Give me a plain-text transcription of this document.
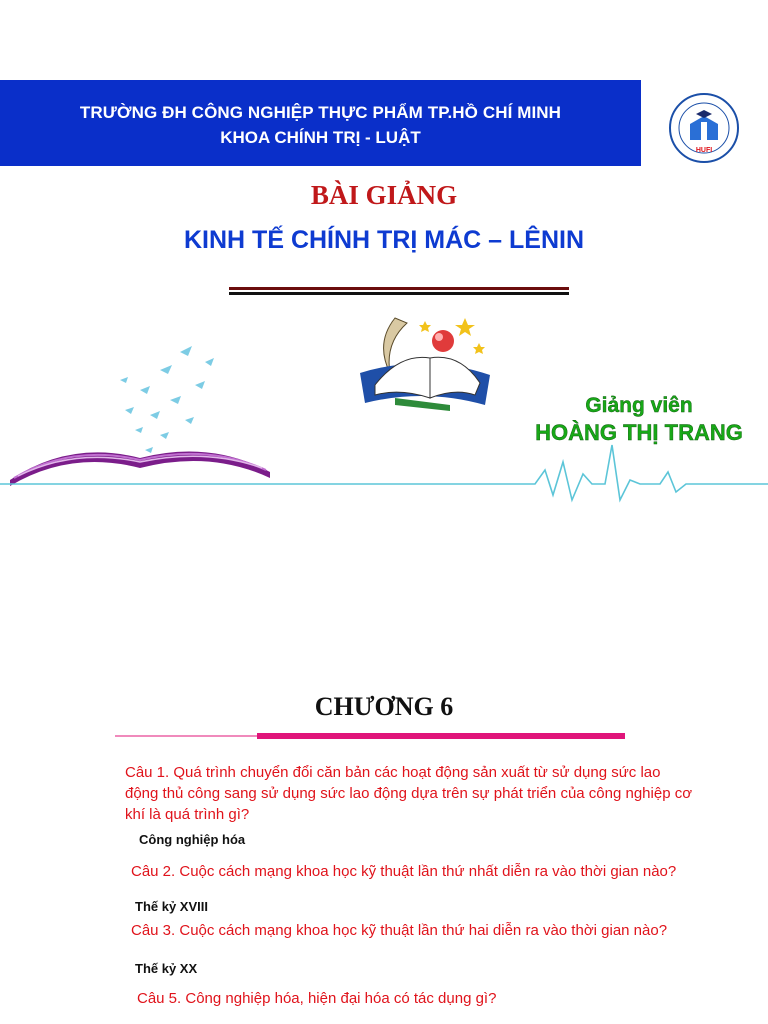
TRƯỜNG ĐH CÔNG NGHIỆP THỰC PHẨM TP.HỒ CHÍ MINH
KHOA CHÍNH TRỊ - LUẬT
HUFI
BÀI GIẢNG
KINH TẾ CHÍNH TRỊ MÁC – LÊNIN
Giảng viên
HOÀNG THỊ TRANG
CHƯƠNG 6
Câu 1. Quá trình chuyển đổi căn bản các hoạt động sản xuất từ sử dụng sức lao động thủ công sang sử dụng sức lao động dựa trên sự phát triển của công nghiệp cơ khí là quá trình gì?
Công nghiệp hóa
Câu 2. Cuộc cách mạng khoa học kỹ thuật lần thứ nhất diễn ra vào thời gian nào?
Thế kỷ XVIII
Câu 3. Cuộc cách mạng khoa học kỹ thuật lần thứ hai diễn ra vào thời gian nào?
Thế kỷ XX
Câu 5. Công nghiệp hóa, hiện đại hóa có tác dụng gì?
